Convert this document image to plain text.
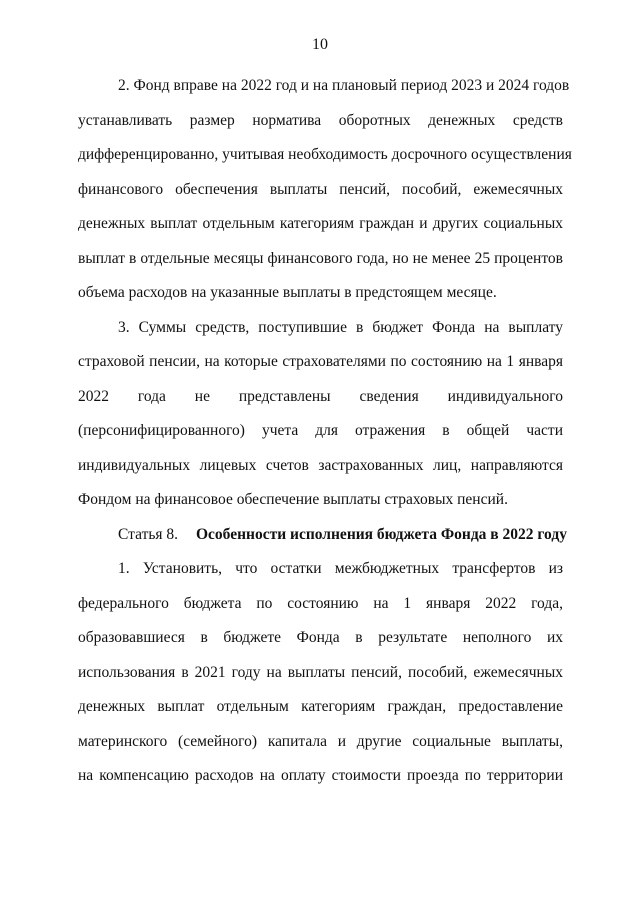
10
2. Фонд вправе на 2022 год и на плановый период 2023 и 2024 годов
устанавливать размер норматива оборотных денежных средств
дифференцированно, учитывая необходимость досрочного осуществления
финансового обеспечения выплаты пенсий, пособий, ежемесячных
денежных выплат отдельным категориям граждан и других социальных
выплат в отдельные месяцы финансового года, но не менее 25 процентов
объема расходов на указанные выплаты в предстоящем месяце.
3. Суммы средств, поступившие в бюджет Фонда на выплату
страховой пенсии, на которые страхователями по состоянию на 1 января
2022 года не представлены сведения индивидуального
(персонифицированного) учета для отражения в общей части
индивидуальных лицевых счетов застрахованных лиц, направляются
Фондом на финансовое обеспечение выплаты страховых пенсий.
Статья 8. Особенности исполнения бюджета Фонда в 2022 году
1. Установить, что остатки межбюджетных трансфертов из
федерального бюджета по состоянию на 1 января 2022 года,
образовавшиеся в бюджете Фонда в результате неполного их
использования в 2021 году на выплаты пенсий, пособий, ежемесячных
денежных выплат отдельным категориям граждан, предоставление
материнского (семейного) капитала и другие социальные выплаты,
на компенсацию расходов на оплату стоимости проезда по территории
